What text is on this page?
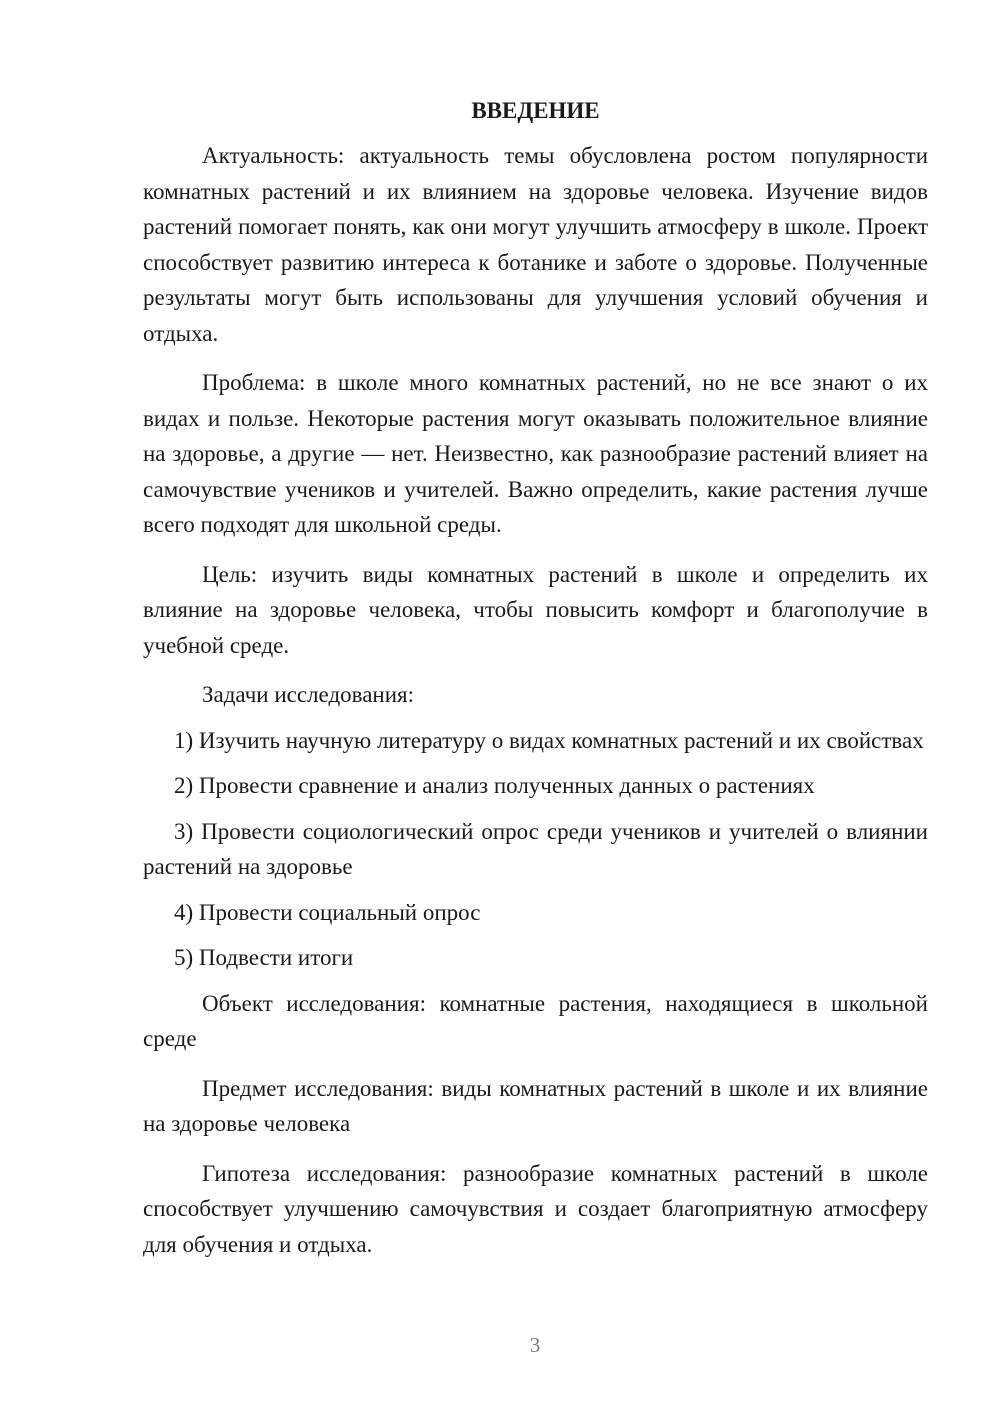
ВВЕДЕНИЕ

Актуальность: актуальность темы обусловлена ростом популярности комнатных растений и их влиянием на здоровье человека. Изучение видов растений помогает понять, как они могут улучшить атмосферу в школе. Проект способствует развитию интереса к ботанике и заботе о здоровье. Полученные результаты могут быть использованы для улучшения условий обучения и отдыха.

Проблема: в школе много комнатных растений, но не все знают о их видах и пользе. Некоторые растения могут оказывать положительное влияние на здоровье, а другие — нет. Неизвестно, как разнообразие растений влияет на самочувствие учеников и учителей. Важно определить, какие растения лучше всего подходят для школьной среды.

Цель: изучить виды комнатных растений в школе и определить их влияние на здоровье человека, чтобы повысить комфорт и благополучие в учебной среде.

Задачи исследования:

1) Изучить научную литературу о видах комнатных растений и их свойствах

2) Провести сравнение и анализ полученных данных о растениях

3) Провести социологический опрос среди учеников и учителей о влиянии растений на здоровье

4) Провести социальный опрос

5) Подвести итоги

Объект исследования: комнатные растения, находящиеся в школьной среде

Предмет исследования: виды комнатных растений в школе и их влияние на здоровье человека

Гипотеза исследования: разнообразие комнатных растений в школе способствует улучшению самочувствия и создает благоприятную атмосферу для обучения и отдыха.

3
